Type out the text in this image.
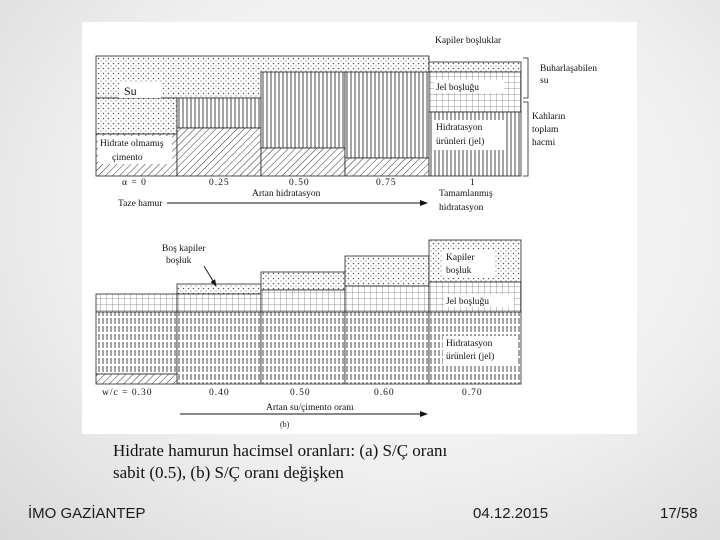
Su
Kapiler boşluklar
Jel boşluğu
Hidratasyon
ürünleri (jel)
Hidrate olmamış
çimento
Buharlaşabilen
su
Kahların
toplam
hacmi
α = 0	0.25	0.50	0.75	1
Artan hidratasyon	Tamamlanmış
hidratasyon
Taze hamur
Boş kapiler
boşluk	Kapiler
boşluk
Jel boşluğu
Hidratasyon
ürünleri (jel)
w/c = 0.30	0.40	0.50	0.60	0.70
Artan su/çimento oranı
(b)
Hidrate hamurun hacimsel oranları: (a) S/Ç oranı
sabit (0.5), (b) S/Ç oranı değişken
İMO GAZİANTEP	04.12.2015	17/58
